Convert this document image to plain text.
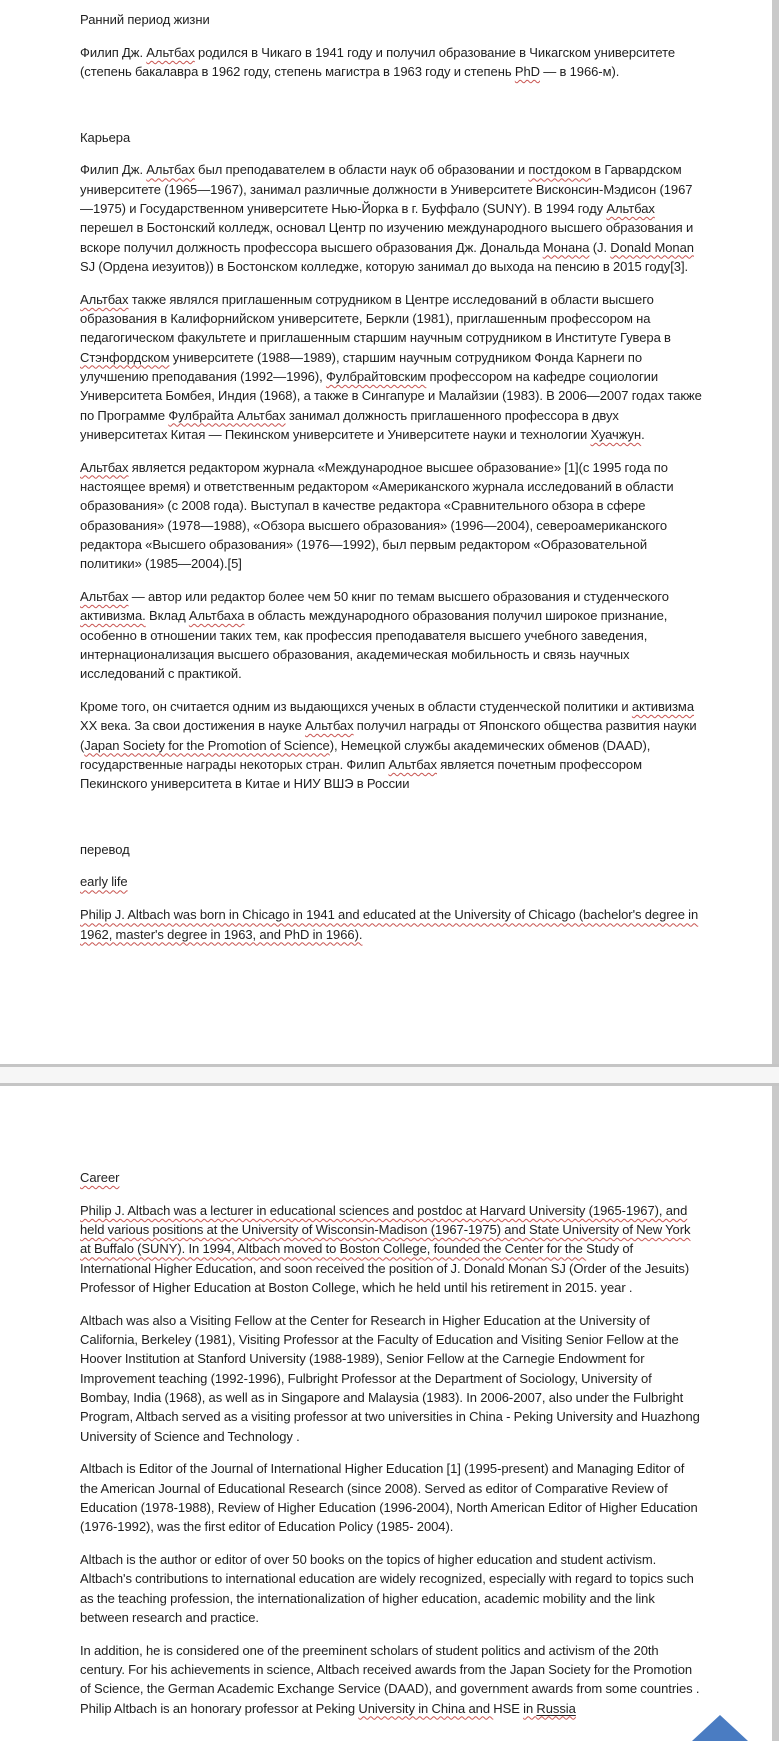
Ранний период жизни

Филип Дж. Альтбах родился в Чикаго в 1941 году и получил образование в Чикагском университете (степень бакалавра в 1962 году, степень магистра в 1963 году и степень PhD — в 1966-м).

Карьера

Филип Дж. Альтбах был преподавателем в области наук об образовании и постдоком в Гарвардском университете (1965—1967), занимал различные должности в Университете Висконсин-Мэдисон (1967—1975) и Государственном университете Нью-Йорка в г. Буффало (SUNY). В 1994 году Альтбах перешел в Бостонский колледж, основал Центр по изучению международного высшего образования и вскоре получил должность профессора высшего образования Дж. Дональда Монана (J. Donald Monan SJ (Ордена иезуитов)) в Бостонском колледже, которую занимал до выхода на пенсию в 2015 году[3].

Альтбах также являлся приглашенным сотрудником в Центре исследований в области высшего образования в Калифорнийском университете, Беркли (1981), приглашенным профессором на педагогическом факультете и приглашенным старшим научным сотрудником в Институте Гувера в Стэнфордском университете (1988—1989), старшим научным сотрудником Фонда Карнеги по улучшению преподавания (1992—1996), Фулбрайтовским профессором на кафедре социологии Университета Бомбея, Индия (1968), а также в Сингапуре и Малайзии (1983). В 2006—2007 годах также по Программе Фулбрайта Альтбах занимал должность приглашенного профессора в двух университетах Китая — Пекинском университете и Университете науки и технологии Хуачжун.

Альтбах является редактором журнала «Международное высшее образование» [1](с 1995 года по настоящее время) и ответственным редактором «Американского журнала исследований в области образования» (с 2008 года). Выступал в качестве редактора «Сравнительного обзора в сфере образования» (1978—1988), «Обзора высшего образования» (1996—2004), североамериканского редактора «Высшего образования» (1976—1992), был первым редактором «Образовательной политики» (1985—2004).[5]

Альтбах — автор или редактор более чем 50 книг по темам высшего образования и студенческого активизма. Вклад Альтбаха в область международного образования получил широкое признание, особенно в отношении таких тем, как профессия преподавателя высшего учебного заведения, интернационализация высшего образования, академическая мобильность и связь научных исследований с практикой.

Кроме того, он считается одним из выдающихся ученых в области студенческой политики и активизма XX века. За свои достижения в науке Альтбах получил награды от Японского общества развития науки (Japan Society for the Promotion of Science), Немецкой службы академических обменов (DAAD), государственные награды некоторых стран. Филип Альтбах является почетным профессором Пекинского университета в Китае и НИУ ВШЭ в России

перевод

early life

Philip J. Altbach was born in Chicago in 1941 and educated at the University of Chicago (bachelor's degree in 1962, master's degree in 1963, and PhD in 1966).

Career

Philip J. Altbach was a lecturer in educational sciences and postdoc at Harvard University (1965-1967), and held various positions at the University of Wisconsin-Madison (1967-1975) and State University of New York at Buffalo (SUNY). In 1994, Altbach moved to Boston College, founded the Center for the Study of International Higher Education, and soon received the position of J. Donald Monan SJ (Order of the Jesuits) Professor of Higher Education at Boston College, which he held until his retirement in 2015. year .

Altbach was also a Visiting Fellow at the Center for Research in Higher Education at the University of California, Berkeley (1981), Visiting Professor at the Faculty of Education and Visiting Senior Fellow at the Hoover Institution at Stanford University (1988-1989), Senior Fellow at the Carnegie Endowment for Improvement teaching (1992-1996), Fulbright Professor at the Department of Sociology, University of Bombay, India (1968), as well as in Singapore and Malaysia (1983). In 2006-2007, also under the Fulbright Program, Altbach served as a visiting professor at two universities in China - Peking University and Huazhong University of Science and Technology .

Altbach is Editor of the Journal of International Higher Education [1] (1995-present) and Managing Editor of the American Journal of Educational Research (since 2008). Served as editor of Comparative Review of Education (1978-1988), Review of Higher Education (1996-2004), North American Editor of Higher Education (1976-1992), was the first editor of Education Policy (1985- 2004).

Altbach is the author or editor of over 50 books on the topics of higher education and student activism. Altbach's contributions to international education are widely recognized, especially with regard to topics such as the teaching profession, the internationalization of higher education, academic mobility and the link between research and practice.

In addition, he is considered one of the preeminent scholars of student politics and activism of the 20th century. For his achievements in science, Altbach received awards from the Japan Society for the Promotion of Science, the German Academic Exchange Service (DAAD), and government awards from some countries . Philip Altbach is an honorary professor at Peking University in China and HSE in Russia
